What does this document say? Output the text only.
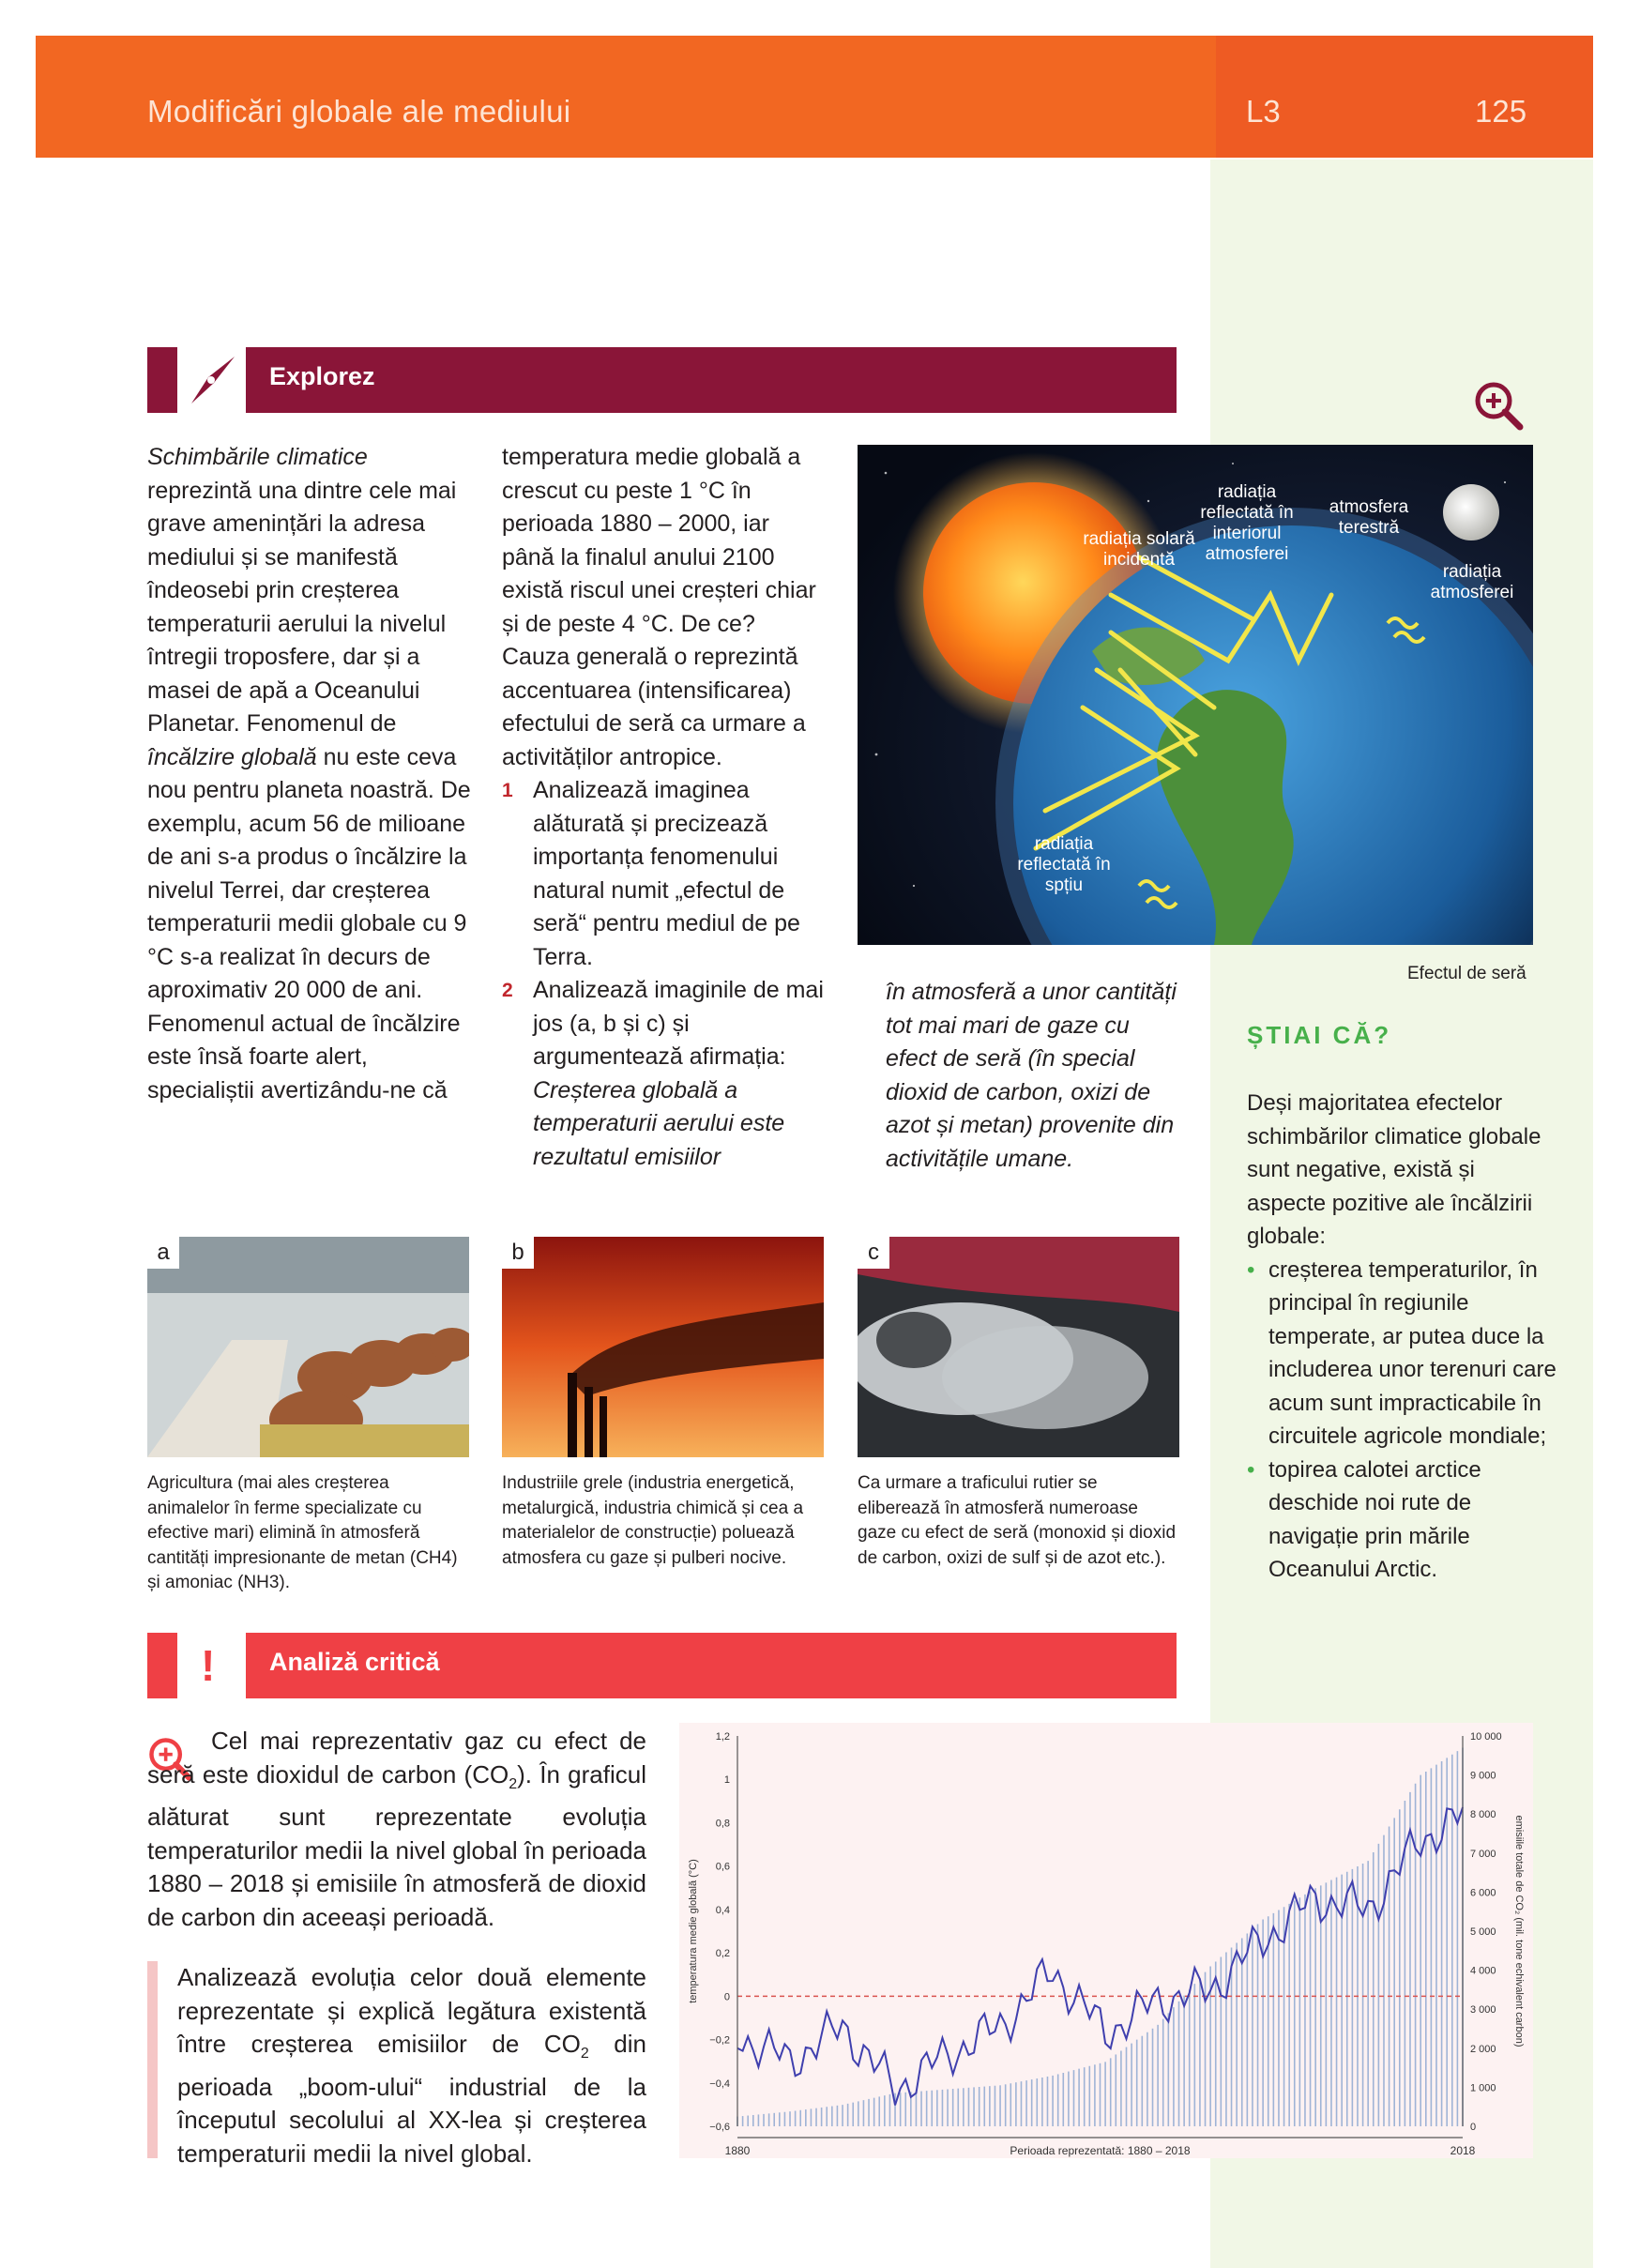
Modificări globale ale mediului	L3	125
Explorez

Schimbările climatice reprezintă una dintre cele mai grave amenințări la adresa mediului și se manifestă îndeosebi prin creșterea temperaturii aerului la nivelul întregii troposfere, dar și a masei de apă a Oceanului Planetar. Fenomenul de încălzire globală nu este ceva nou pentru planeta noastră. De exemplu, acum 56 de milioane de ani s-a produs o încălzire la nivelul Terrei, dar creșterea temperaturii medii globale cu 9 °C s-a realizat în decurs de aproximativ 20 000 de ani. Fenomenul actual de încălzire este însă foarte alert, specialiștii avertizându-ne că

temperatura medie globală a crescut cu peste 1 °C în perioada 1880 – 2000, iar până la finalul anului 2100 există riscul unei creșteri chiar și de peste 4 °C. De ce? Cauza generală o reprezintă accentuarea (intensificarea) efectului de seră ca urmare a activităților antropice.

1 Analizează imaginea alăturată și precizează importanța fenomenului natural numit „efectul de seră“ pentru mediul de pe Terra.
2 Analizează imaginile de mai jos (a, b și c) și argumentează afirmația: Creșterea globală a temperaturii aerului este rezultatul emisiilor
în atmosferă a unor cantități tot mai mari de gaze cu efect de seră (în special dioxid de carbon, oxizi de azot și metan) provenite din activitățile umane.
radiația solară incidentă
radiația reflectată în interiorul atmosferei
atmosfera terestră
radiația atmosferei
radiația reflectată în spțiu
Efectul de seră
a	b	c
Agricultura (mai ales creșterea animalelor în ferme specializate cu efective mari) elimină în atmosferă cantități impresionante de metan (CH4) și amoniac (NH3).
Industriile grele (industria energetică, metalurgică, industria chimică și cea a materialelor de construcție) poluează atmosfera cu gaze și pulberi nocive.
Ca urmare a traficului rutier se eliberează în atmosferă numeroase gaze cu efect de seră (monoxid și dioxid de carbon, oxizi de sulf și de azot etc.).
ȘTIAI CĂ?
Deși majoritatea efectelor schimbărilor climatice globale sunt negative, există și aspecte pozitive ale încălzirii globale:
• creșterea temperaturilor, în principal în regiunile temperate, ar putea duce la includerea unor terenuri care acum sunt impracticabile în circuitele agricole mondiale;
• topirea calotei arctice deschide noi rute de navigație prin mările Oceanului Arctic.
! Analiză critică
Cel mai reprezentativ gaz cu efect de seră este dioxidul de carbon $(CO_2)$. În graficul alăturat sunt reprezentate evoluția temperaturilor medii la nivel global în perioada 1880 – 2018 și emisiile în atmosferă de dioxid de carbon din aceeași perioadă.
Analizează evoluția celor două elemente reprezentate și explică legătura existentă între creșterea emisiilor de $CO_2$ din perioada „boom-ului“ industrial de la începutul secolului al XX-lea și creșterea temperaturii medii la nivel global.
1,2
1
0,8
0,6
0,4
0,2
0
−0,2
−0,4
−0,6
10 000
9 000
8 000
7 000
6 000
5 000
4 000
3 000
2 000
1 000
0
1880	2018
Perioada reprezentată: 1880 – 2018
temperatura medie globală (°C)	emisiile totale de CO₂ (mil. tone echivalent carbon)
